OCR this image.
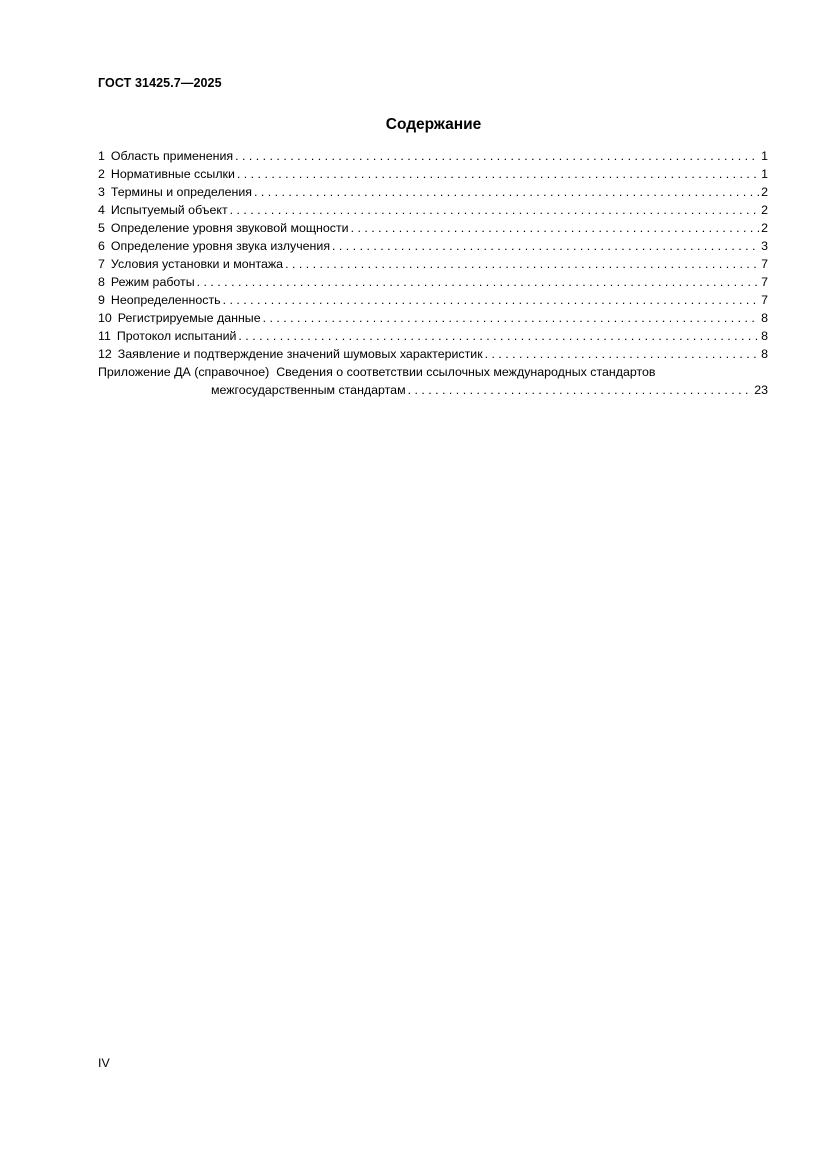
ГОСТ 31425.7—2025
Содержание
1 Область применения . . .	1
2 Нормативные ссылки . . .	1
3 Термины и определения . . .	2
4 Испытуемый объект . . .	2
5 Определение уровня звуковой мощности . . .	2
6 Определение уровня звука излучения . . .	3
7 Условия установки и монтажа . . .	7
8 Режим работы . . .	7
9 Неопределенность . . .	7
10 Регистрируемые данные . . .	8
11 Протокол испытаний . . .	8
12 Заявление и подтверждение значений шумовых характеристик . . .	8
Приложение ДА (справочное) Сведения о соответствии ссылочных международных стандартов
межгосударственным стандартам . . .	23
IV
